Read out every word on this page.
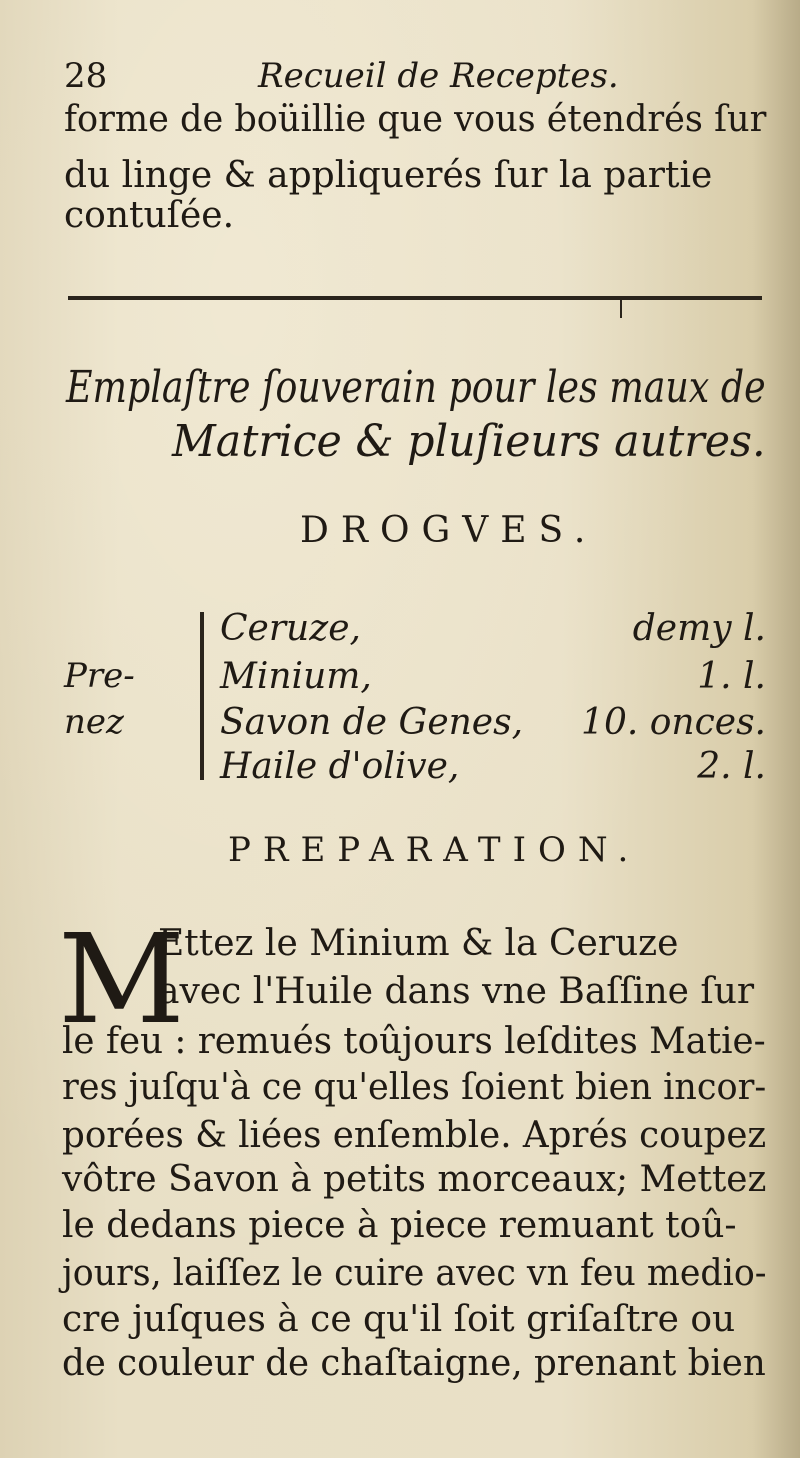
28	Recueil de Receptes.
forme de boüillie que vous étendrés ſur
du linge & appliquerés ſur la partie
contuſée.
Emplaſtre ſouverain pour les maux de
Matrice & pluſieurs autres.
DROGVES.
Pre-
nez
Ceruze,	demy l.
Minium,	1. l.
Savon de Genes, 10. onces.
Haile d'olive,	2. l.
PREPARATION.
M
Ettez le Minium & la Ceruze
avec l'Huile dans vne Baſſine ſur
le feu : remués toûjours leſdites Matie-
res juſqu'à ce qu'elles ſoient bien incor-
porées & liées enſemble. Aprés coupez
vôtre Savon à petits morceaux; Mettez
le dedans piece à piece remuant toû-
jours, laiſſez le cuire avec vn feu medio-
cre juſques à ce qu'il ſoit griſaſtre ou
de couleur de chaſtaigne, prenant bien
